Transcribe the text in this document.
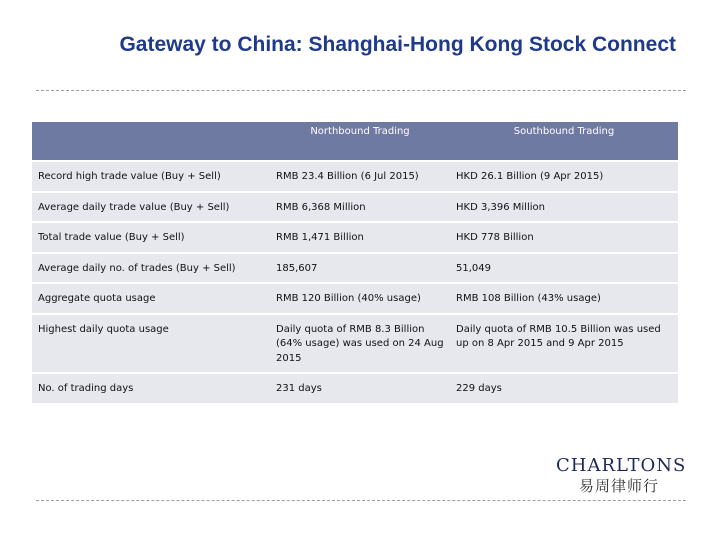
Gateway to China: Shanghai-Hong Kong Stock Connect
	Northbound Trading	Southbound Trading
Record high trade value (Buy + Sell)	RMB 23.4 Billion (6 Jul 2015)	HKD 26.1 Billion (9 Apr 2015)
Average daily trade value (Buy + Sell)	RMB 6,368 Million	HKD 3,396 Million
Total trade value (Buy + Sell)	RMB 1,471 Billion	HKD 778 Billion
Average daily no. of trades (Buy + Sell)	185,607	51,049
Aggregate quota usage	RMB 120 Billion (40% usage)	RMB 108 Billion (43% usage)
Highest daily quota usage	Daily quota of RMB 8.3 Billion (64% usage) was used on 24 Aug 2015	Daily quota of RMB 10.5 Billion was used up on 8 Apr 2015 and 9 Apr 2015
No. of trading days	231 days	229 days
CHARLTONS
易周律师行
